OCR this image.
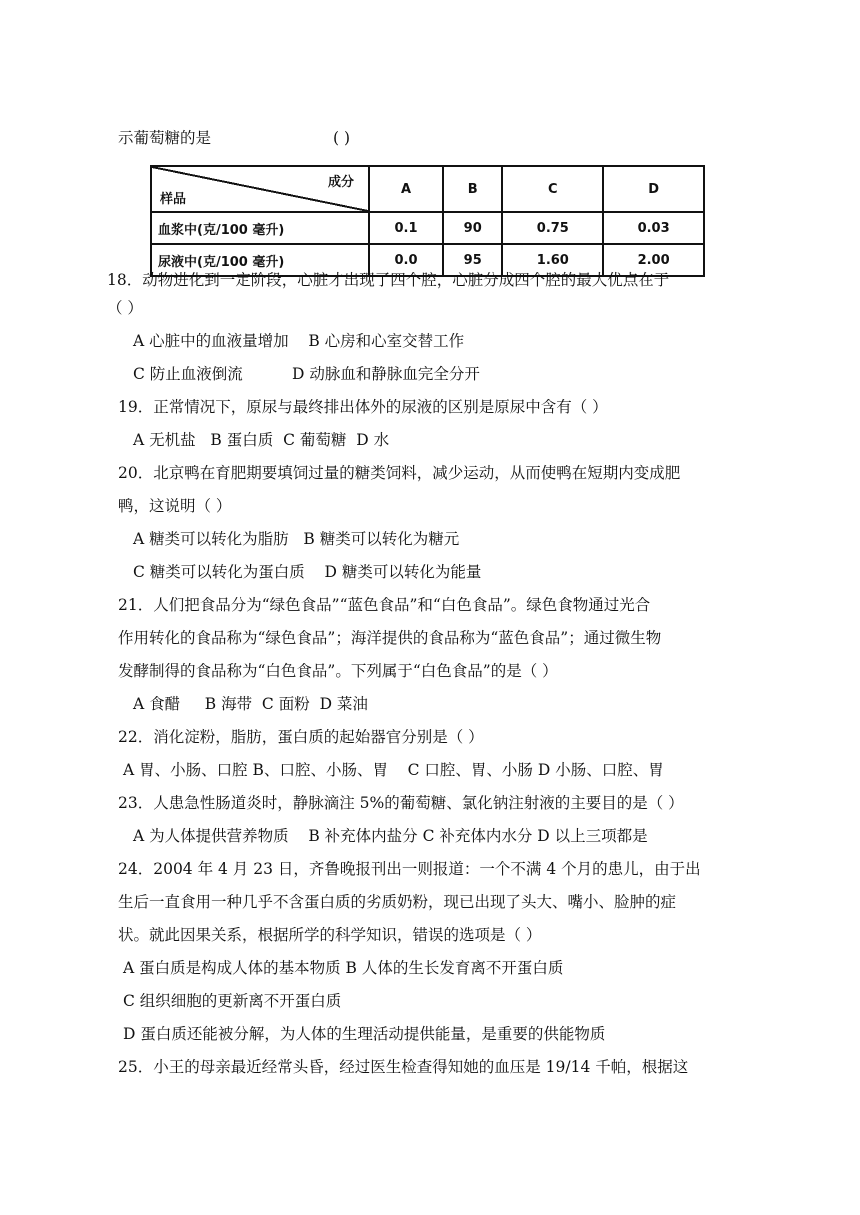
示葡萄糖的是	( )
成分
样品	A	B	C	D
血浆中(克/100 毫升)	0.1	90	0.75	0.03
尿液中(克/100 毫升)	0.0	95	1.60	2.00
18．动物进化到一定阶段，心脏才出现了四个腔，心脏分成四个腔的最大优点在于
（ ）
A 心脏中的血液量增加    B 心房和心室交替工作
C 防止血液倒流          D 动脉血和静脉血完全分开
19．正常情况下，原尿与最终排出体外的尿液的区别是原尿中含有（ ）
A 无机盐   B 蛋白质  C 葡萄糖  D 水
20．北京鸭在育肥期要填饲过量的糖类饲料，减少运动，从而使鸭在短期内变成肥
鸭，这说明（ ）
A 糖类可以转化为脂肪   B 糖类可以转化为糖元
C 糖类可以转化为蛋白质    D 糖类可以转化为能量
21．人们把食品分为“绿色食品”“蓝色食品”和“白色食品”。绿色食物通过光合
作用转化的食品称为“绿色食品”；海洋提供的食品称为“蓝色食品”；通过微生物
发酵制得的食品称为“白色食品”。下列属于“白色食品”的是（ ）
A 食醋     B 海带  C 面粉  D 菜油
22．消化淀粉，脂肪，蛋白质的起始器官分别是（ ）
A 胃、小肠、口腔 B、口腔、小肠、胃    C 口腔、胃、小肠 D 小肠、口腔、胃
23．人患急性肠道炎时，静脉滴注 5%的葡萄糖、氯化钠注射液的主要目的是（ ）
A 为人体提供营养物质    B 补充体内盐分 C 补充体内水分 D 以上三项都是
24．2004 年 4 月 23 日，齐鲁晚报刊出一则报道：一个不满 4 个月的患儿，由于出
生后一直食用一种几乎不含蛋白质的劣质奶粉，现已出现了头大、嘴小、脸肿的症
状。就此因果关系，根据所学的科学知识，错误的选项是（ ）
A 蛋白质是构成人体的基本物质 B 人体的生长发育离不开蛋白质
C 组织细胞的更新离不开蛋白质
D 蛋白质还能被分解，为人体的生理活动提供能量，是重要的供能物质
25．小王的母亲最近经常头昏，经过医生检查得知她的血压是 19/14 千帕，根据这
